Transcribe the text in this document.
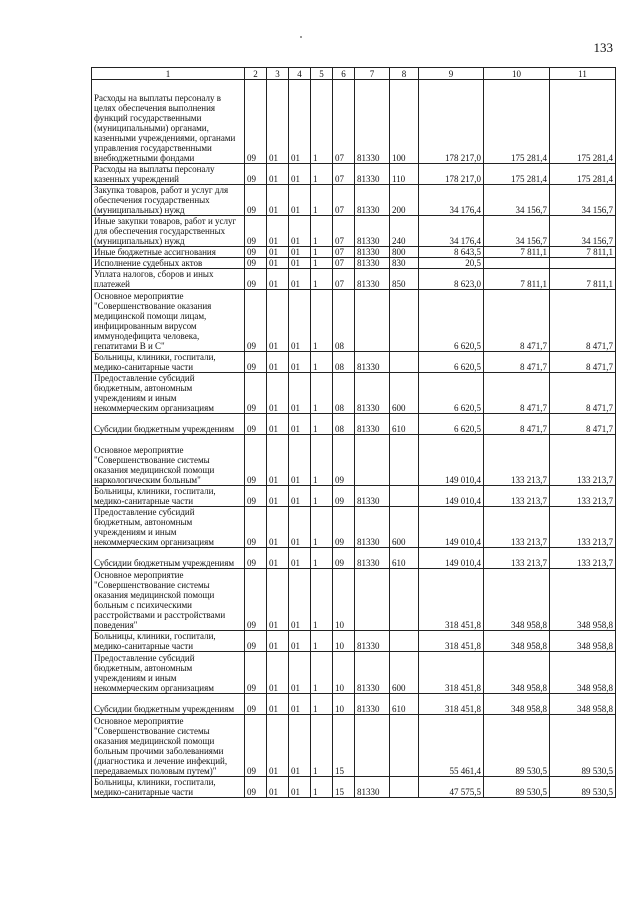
133
1	2	3	4	5	6	7	8	9	10	11
Расходы на выплаты персоналу в целях обеспечения выполнения функций государственными (муниципальными) органами, казенными учреждениями, органами управления государственными внебюджетными фондами	09	01	01	1	07	81330	100	178 217,0	175 281,4	175 281,4
Расходы на выплаты персоналу казенных учреждений	09	01	01	1	07	81330	110	178 217,0	175 281,4	175 281,4
Закупка товаров, работ и услуг для обеспечения государственных (муниципальных) нужд	09	01	01	1	07	81330	200	34 176,4	34 156,7	34 156,7
Иные закупки товаров, работ и услуг для обеспечения государственных (муниципальных) нужд	09	01	01	1	07	81330	240	34 176,4	34 156,7	34 156,7
Иные бюджетные ассигнования	09	01	01	1	07	81330	800	8 643,5	7 811,1	7 811,1
Исполнение судебных актов	09	01	01	1	07	81330	830	20,5		
Уплата налогов, сборов и иных платежей	09	01	01	1	07	81330	850	8 623,0	7 811,1	7 811,1
Основное мероприятие "Совершенствование оказания медицинской помощи лицам, инфицированным вирусом иммунодефицита человека, гепатитами В и С"	09	01	01	1	08			6 620,5	8 471,7	8 471,7
Больницы, клиники, госпитали, медико-санитарные части	09	01	01	1	08	81330		6 620,5	8 471,7	8 471,7
Предоставление субсидий бюджетным, автономным учреждениям и иным некоммерческим организациям	09	01	01	1	08	81330	600	6 620,5	8 471,7	8 471,7
Субсидии бюджетным учреждениям	09	01	01	1	08	81330	610	6 620,5	8 471,7	8 471,7
Основное мероприятие "Совершенствование системы оказания медицинской помощи наркологическим больным"	09	01	01	1	09			149 010,4	133 213,7	133 213,7
Больницы, клиники, госпитали, медико-санитарные части	09	01	01	1	09	81330		149 010,4	133 213,7	133 213,7
Предоставление субсидий бюджетным, автономным учреждениям и иным некоммерческим организациям	09	01	01	1	09	81330	600	149 010,4	133 213,7	133 213,7
Субсидии бюджетным учреждениям	09	01	01	1	09	81330	610	149 010,4	133 213,7	133 213,7
Основное мероприятие "Совершенствование системы оказания медицинской помощи больным с психическими расстройствами и расстройствами поведения"	09	01	01	1	10			318 451,8	348 958,8	348 958,8
Больницы, клиники, госпитали, медико-санитарные части	09	01	01	1	10	81330		318 451,8	348 958,8	348 958,8
Предоставление субсидий бюджетным, автономным учреждениям и иным некоммерческим организациям	09	01	01	1	10	81330	600	318 451,8	348 958,8	348 958,8
Субсидии бюджетным учреждениям	09	01	01	1	10	81330	610	318 451,8	348 958,8	348 958,8
Основное мероприятие "Совершенствование системы оказания медицинской помощи больным прочими заболеваниями (диагностика и лечение инфекций, передаваемых половым путем)"	09	01	01	1	15			55 461,4	89 530,5	89 530,5
Больницы, клиники, госпитали, медико-санитарные части	09	01	01	1	15	81330		47 575,5	89 530,5	89 530,5
